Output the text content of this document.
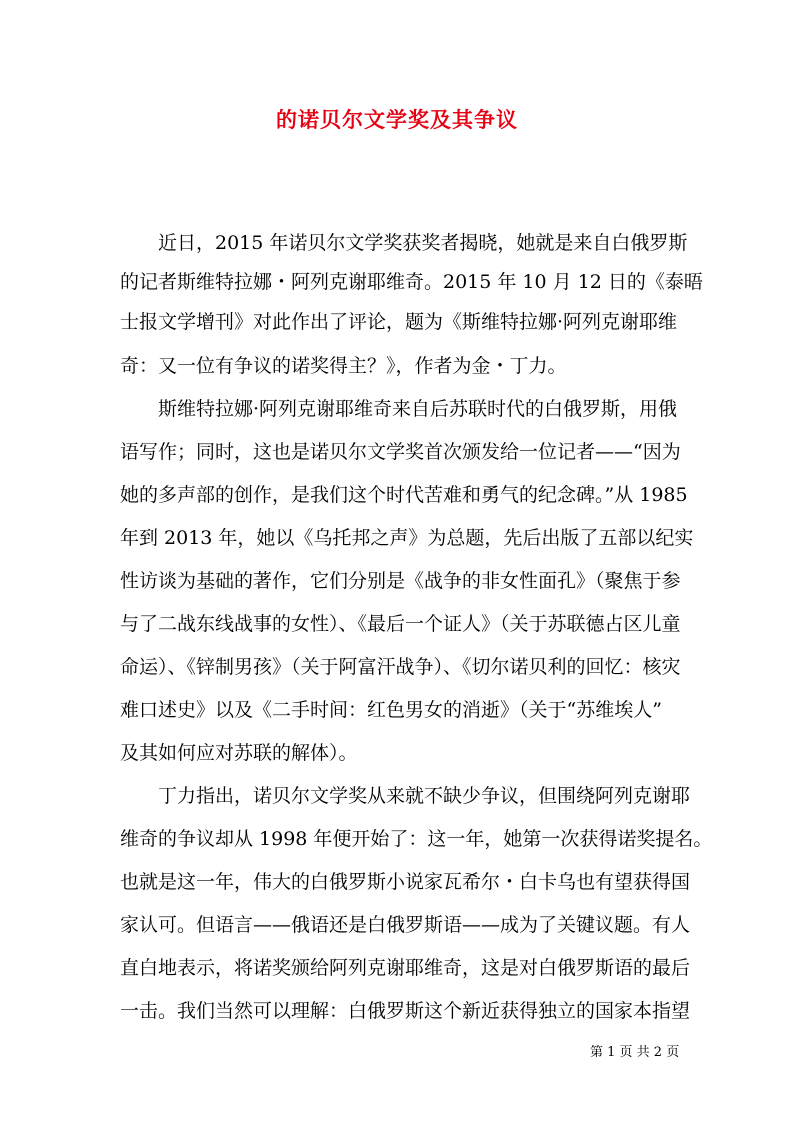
的诺贝尔文学奖及其争议
近日，2015 年诺贝尔文学奖获奖者揭晓，她就是来自白俄罗斯
的记者斯维特拉娜・阿列克谢耶维奇。2015 年 10 月 12 日的《泰晤
士报文学增刊》对此作出了评论，题为《斯维特拉娜·阿列克谢耶维
奇：又一位有争议的诺奖得主？》，作者为金・丁力。
斯维特拉娜·阿列克谢耶维奇来自后苏联时代的白俄罗斯，用俄
语写作；同时，这也是诺贝尔文学奖首次颁发给一位记者——“因为
她的多声部的创作，是我们这个时代苦难和勇气的纪念碑。”从 1985
年到 2013 年，她以《乌托邦之声》为总题，先后出版了五部以纪实
性访谈为基础的著作，它们分别是《战争的非女性面孔》（聚焦于参
与了二战东线战事的女性）、《最后一个证人》（关于苏联德占区儿童
命运）、《锌制男孩》（关于阿富汗战争）、《切尔诺贝利的回忆：核灾
难口述史》以及《二手时间：红色男女的消逝》（关于“苏维埃人”
及其如何应对苏联的解体）。
丁力指出，诺贝尔文学奖从来就不缺少争议，但围绕阿列克谢耶
维奇的争议却从 1998 年便开始了：这一年，她第一次获得诺奖提名。
也就是这一年，伟大的白俄罗斯小说家瓦希尔・白卡乌也有望获得国
家认可。但语言——俄语还是白俄罗斯语——成为了关键议题。有人
直白地表示，将诺奖颁给阿列克谢耶维奇，这是对白俄罗斯语的最后
一击。我们当然可以理解：白俄罗斯这个新近获得独立的国家本指望
第 1 页 共 2 页
